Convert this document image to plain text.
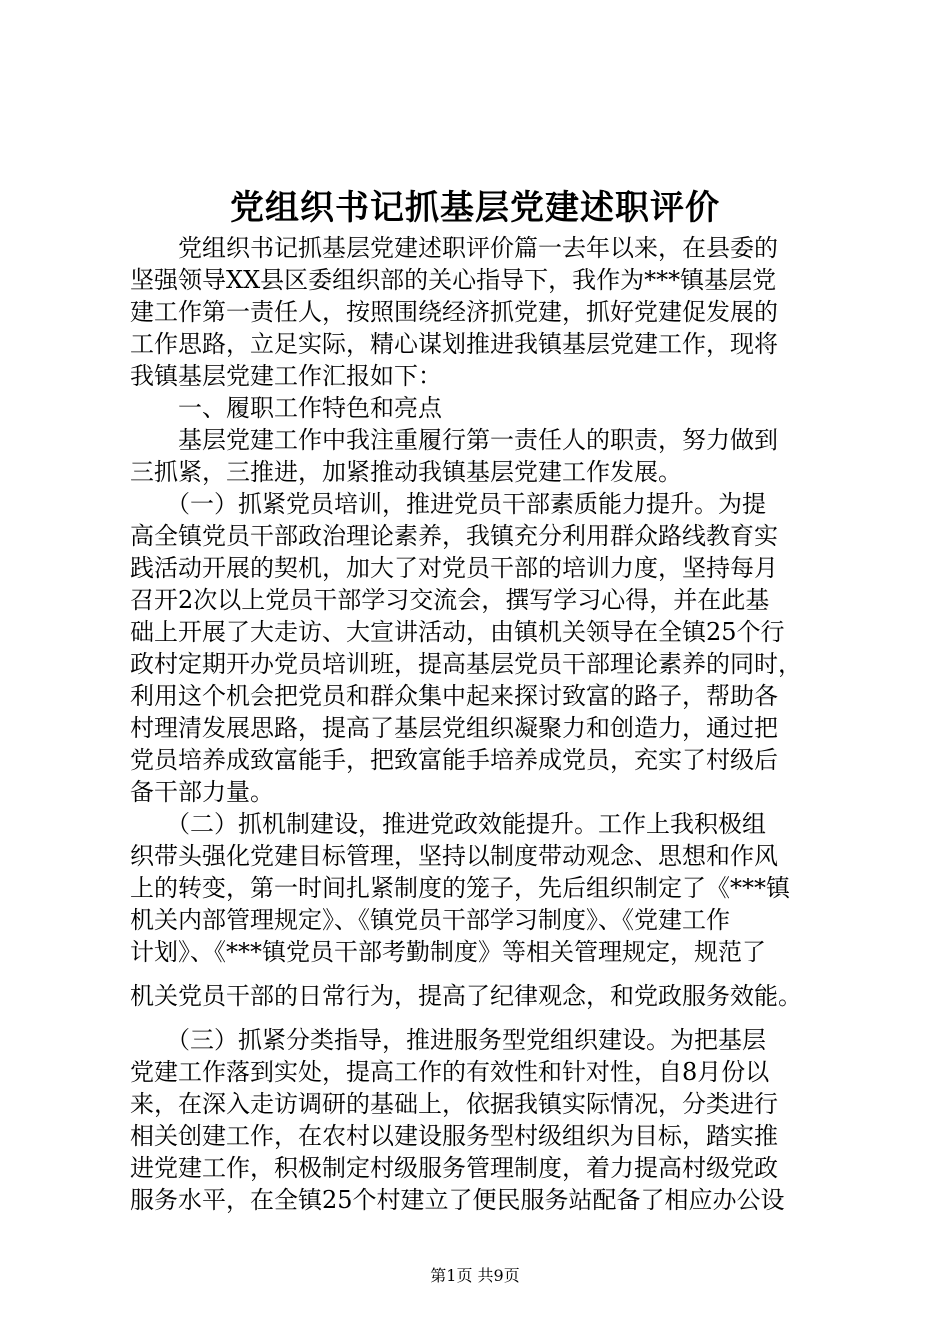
党组织书记抓基层党建述职评价
　　党组织书记抓基层党建述职评价篇一去年以来，在县委的
坚强领导XX县区委组织部的关心指导下，我作为***镇基层党
建工作第一责任人，按照围绕经济抓党建，抓好党建促发展的
工作思路，立足实际，精心谋划推进我镇基层党建工作，现将
我镇基层党建工作汇报如下：
　　一、履职工作特色和亮点
　　基层党建工作中我注重履行第一责任人的职责，努力做到
三抓紧，三推进，加紧推动我镇基层党建工作发展。
　　（一）抓紧党员培训，推进党员干部素质能力提升。为提
高全镇党员干部政治理论素养，我镇充分利用群众路线教育实
践活动开展的契机，加大了对党员干部的培训力度，坚持每月
召开2次以上党员干部学习交流会，撰写学习心得，并在此基
础上开展了大走访、大宣讲活动，由镇机关领导在全镇25个行
政村定期开办党员培训班，提高基层党员干部理论素养的同时，
利用这个机会把党员和群众集中起来探讨致富的路子，帮助各
村理清发展思路，提高了基层党组织凝聚力和创造力，通过把
党员培养成致富能手，把致富能手培养成党员，充实了村级后
备干部力量。
　　（二）抓机制建设，推进党政效能提升。工作上我积极组
织带头强化党建目标管理，坚持以制度带动观念、思想和作风
上的转变，第一时间扎紧制度的笼子，先后组织制定了《***镇
机关内部管理规定》、《镇党员干部学习制度》、《党建工作
计划》、《***镇党员干部考勤制度》等相关管理规定，规范了
机关党员干部的日常行为，提高了纪律观念，和党政服务效能。
　　（三）抓紧分类指导，推进服务型党组织建设。为把基层
党建工作落到实处，提高工作的有效性和针对性，自8月份以
来，在深入走访调研的基础上，依据我镇实际情况，分类进行
相关创建工作，在农村以建设服务型村级组织为目标，踏实推
进党建工作，积极制定村级服务管理制度，着力提高村级党政
服务水平，在全镇25个村建立了便民服务站配备了相应办公设
第1页 共9页
